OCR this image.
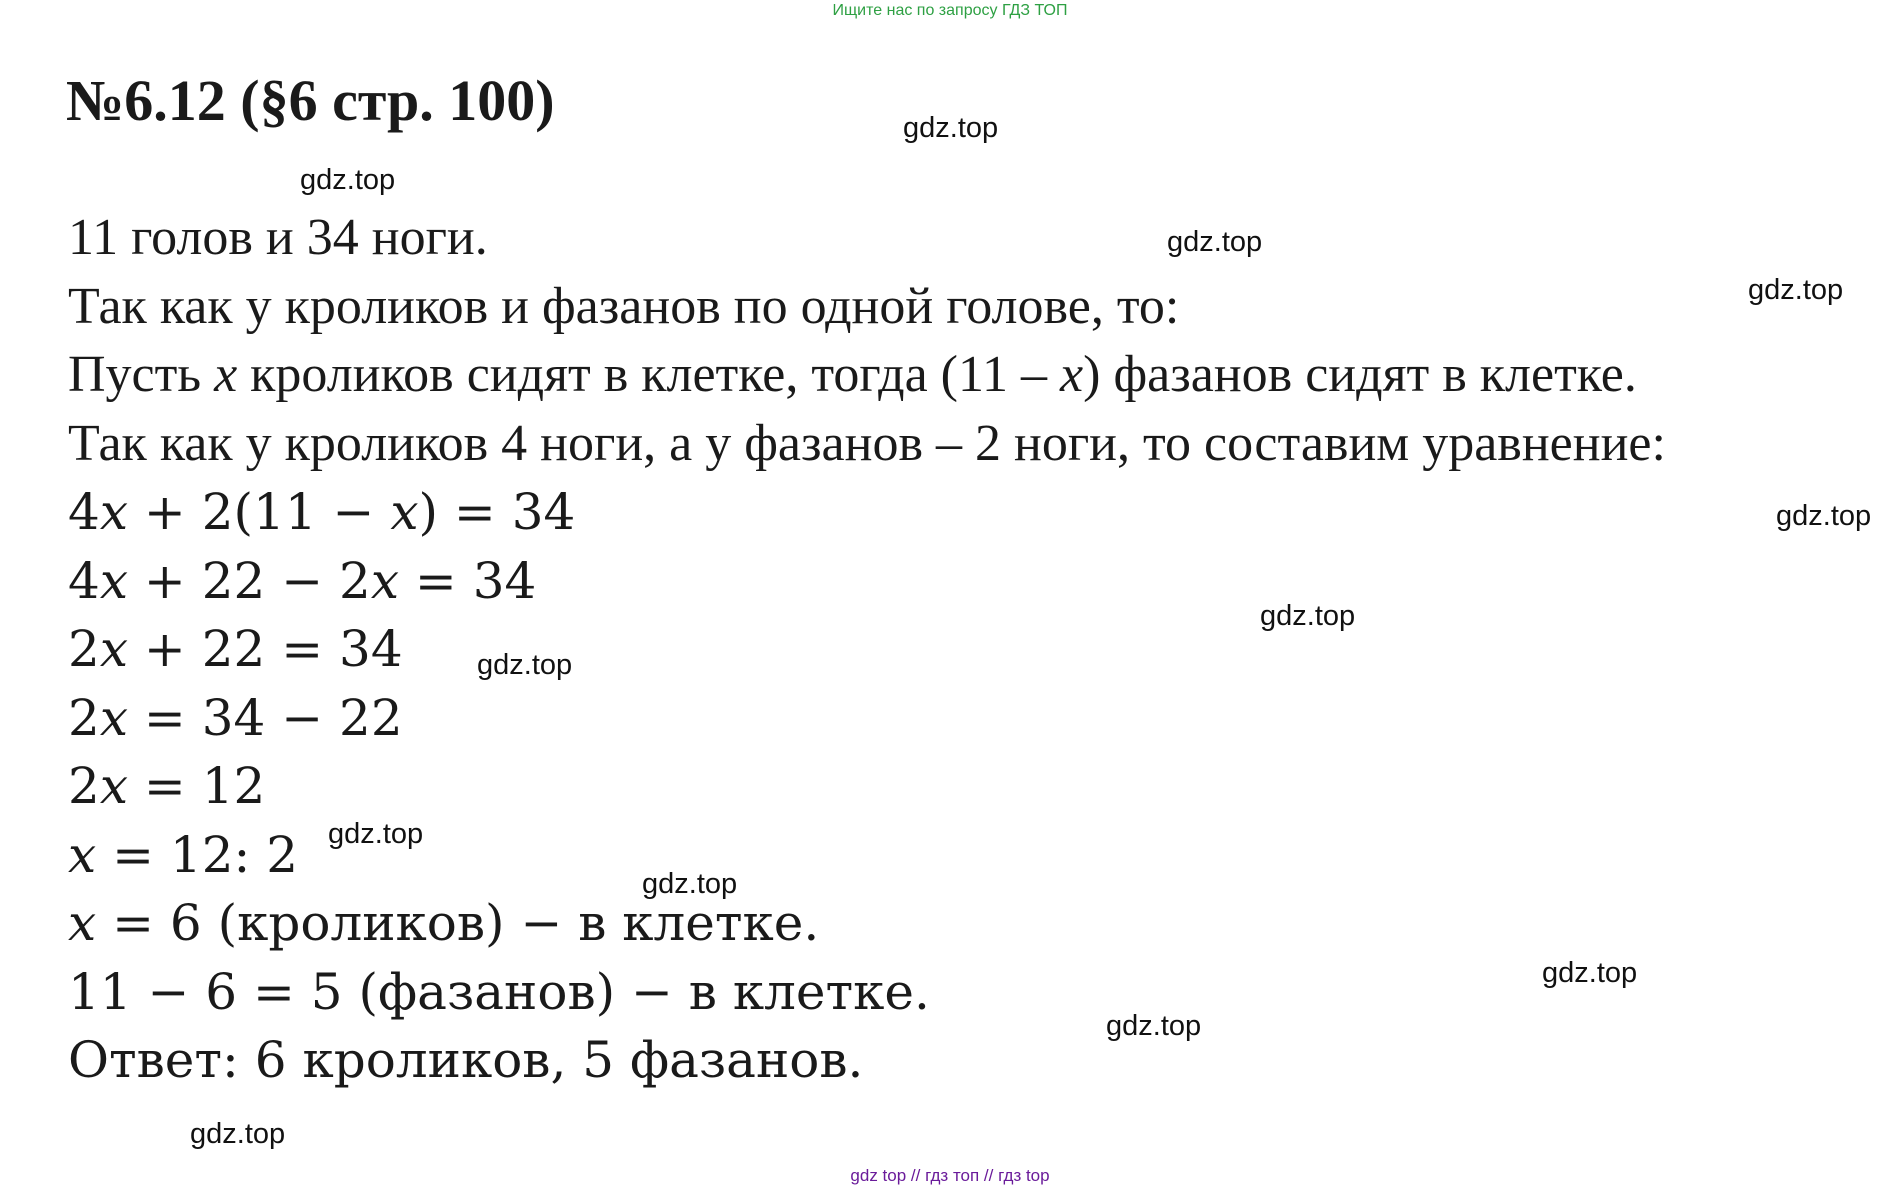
Ищите нас по запросу ГДЗ ТОП
№6.12 (§6 стр. 100)
11 голов и 34 ноги.
Так как у кроликов и фазанов по одной голове, то:
Пусть x кроликов сидят в клетке, тогда (11 – x) фазанов сидят в клетке.
Так как у кроликов 4 ноги, а у фазанов – 2 ноги, то составим уравнение:
4x + 2(11 − x) = 34
4x + 22 − 2x = 34
2x + 22 = 34
2x = 34 − 22
2x = 12
x = 12: 2
x = 6 (кроликов) − в клетке.
11 − 6 = 5 (фазанов) − в клетке.
Ответ: 6 кроликов, 5 фазанов.
gdz.top
gdz.top
gdz.top
gdz.top
gdz.top
gdz.top
gdz.top
gdz.top
gdz.top
gdz.top
gdz.top
gdz.top
gdz top // гдз топ // гдз top
